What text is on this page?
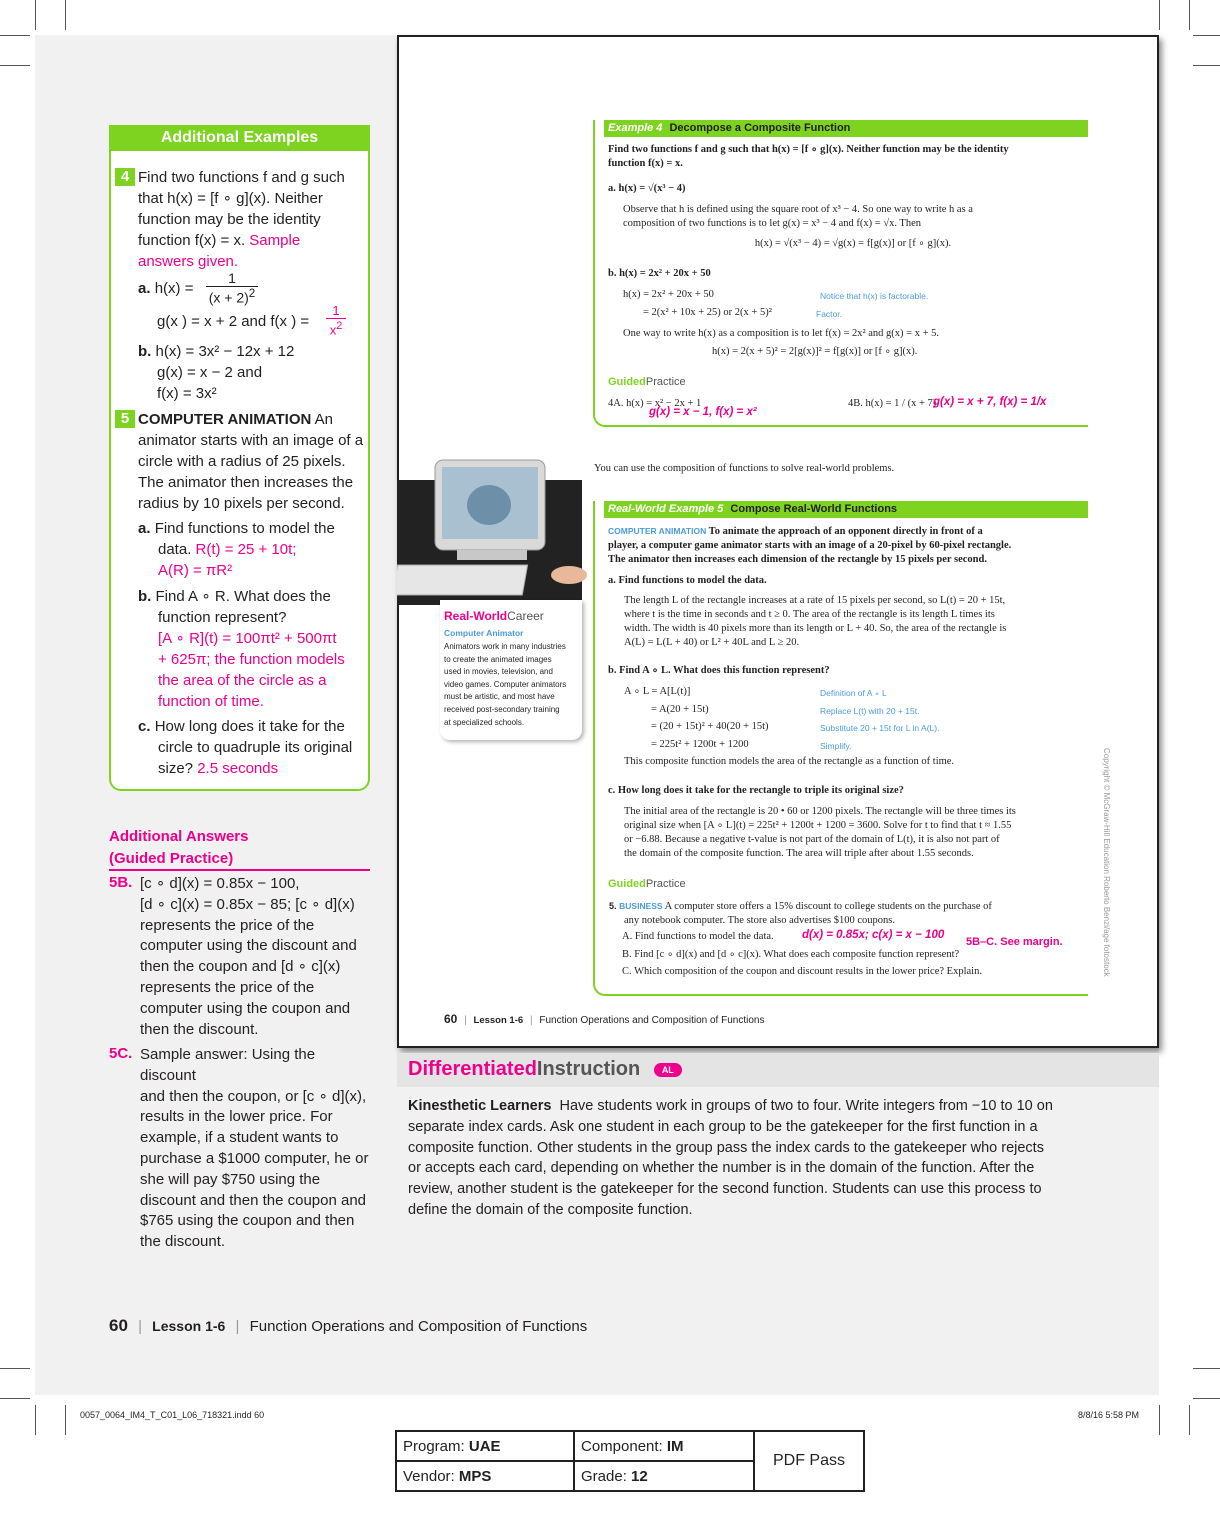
Additional Examples
4 Find two functions f and g such
that h(x) = [f ∘ g](x). Neither
function may be the identity
function f(x) = x. Sample
answers given.
a. h(x) =
1
$(x + 2)^2$
g(x ) = x + 2 and f(x ) =
1
$x^2$
b. h(x) = 3x² − 12x + 12
g(x) = x − 2 and
f(x) = 3x²
5 COMPUTER ANIMATION An
animator starts with an image of a
circle with a radius of 25 pixels.
The animator then increases the
radius by 10 pixels per second.
a. Find functions to model the
data. R(t) = 25 + 10t;
A(R) = πR²
b. Find A ∘ R. What does the
function represent?
[A ∘ R](t) = 100πt² + 500πt
+ 625π; the function models
the area of the circle as a
function of time.
c. How long does it take for the
circle to quadruple its original
size? 2.5 seconds
Additional Answers
(Guided Practice)
5B. [c ∘ d](x) = 0.85x − 100,
[d ∘ c](x) = 0.85x − 85; [c ∘ d](x)
represents the price of the
computer using the discount and
then the coupon and [d ∘ c](x)
represents the price of the
computer using the coupon and
then the discount.
5C. Sample answer: Using the discount
and then the coupon, or [c ∘ d](x),
results in the lower price. For
example, if a student wants to
purchase a $1000 computer, he or
she will pay $750 using the
discount and then the coupon and
$765 using the coupon and then
the discount.
60 | Lesson 1-6 | Function Operations and Composition of Functions
Example 4 Decompose a Composite Function
Find two functions f and g such that h(x) = [f ∘ g](x). Neither function may be the identity
function f(x) = x.
a. h(x) = √(x³ − 4)
Observe that h is defined using the square root of x³ − 4. So one way to write h as a
composition of two functions is to let g(x) = x³ − 4 and f(x) = √x. Then
h(x) = √(x³ − 4) = √g(x) = f[g(x)] or [f ∘ g](x).
b. h(x) = 2x² + 20x + 50
h(x) = 2x² + 20x + 50	Notice that h(x) is factorable.
= 2(x² + 10x + 25) or 2(x + 5)²	Factor.
One way to write h(x) as a composition is to let f(x) = 2x² and g(x) = x + 5.
h(x) = 2(x + 5)² = 2[g(x)]² = f[g(x)] or [f ∘ g](x).
GuidedPractice
4A. h(x) = x² − 2x + 1
g(x) = x − 1, f(x) = x²
4B. h(x) = 1 / (x + 7)
g(x) = x + 7, f(x) = 1/x
You can use the composition of functions to solve real-world problems.
Real-WorldCareer
Computer Animator
Animators work in many industries
to create the animated images
used in movies, television, and
video games. Computer animators
must be artistic, and most have
received post-secondary training
at specialized schools.
Real-World Example 5 Compose Real-World Functions
COMPUTER ANIMATION To animate the approach of an opponent directly in front of a
player, a computer game animator starts with an image of a 20-pixel by 60-pixel rectangle.
The animator then increases each dimension of the rectangle by 15 pixels per second.
a. Find functions to model the data.
The length L of the rectangle increases at a rate of 15 pixels per second, so L(t) = 20 + 15t,
where t is the time in seconds and t ≥ 0. The area of the rectangle is its length L times its
width. The width is 40 pixels more than its length or L + 40. So, the area of the rectangle is
A(L) = L(L + 40) or L² + 40L and L ≥ 20.
b. Find A ∘ L. What does this function represent?
A ∘ L = A[L(t)]	Definition of A ∘ L
= A(20 + 15t)	Replace L(t) with 20 + 15t.
= (20 + 15t)² + 40(20 + 15t)	Substitute 20 + 15t for L in A(L).
= 225t² + 1200t + 1200	Simplify.
This composite function models the area of the rectangle as a function of time.
c. How long does it take for the rectangle to triple its original size?
The initial area of the rectangle is 20 • 60 or 1200 pixels. The rectangle will be three times its
original size when [A ∘ L](t) = 225t² + 1200t + 1200 = 3600. Solve for t to find that t ≈ 1.55
or −6.88. Because a negative t-value is not part of the domain of L(t), it is also not part of
the domain of the composite function. The area will triple after about 1.55 seconds.
GuidedPractice
5. BUSINESS A computer store offers a 15% discount to college students on the purchase of
any notebook computer. The store also advertises $100 coupons.
A. Find functions to model the data. d(x) = 0.85x; c(x) = x − 100
5B–C. See margin.
B. Find [c ∘ d](x) and [d ∘ c](x). What does each composite function represent?
C. Which composition of the coupon and discount results in the lower price? Explain.	Copyright © McGraw-Hill Education Roberto Benzi/age fotostock
60 | Lesson 1-6 | Function Operations and Composition of Functions
DifferentiatedInstruction AL
Kinesthetic Learners Have students work in groups of two to four. Write integers from −10 to 10 on separate index cards. Ask one student in each group to be the gatekeeper for the first function in a composite function. Other students in the group pass the index cards to the gatekeeper who rejects or accepts each card, depending on whether the number is in the domain of the function. After the review, another student is the gatekeeper for the second function. Students can use this process to define the domain of the composite function.
0057_0064_IM4_T_C01_L06_718321.indd 60	8/8/16 5:58 PM
Program: UAE	Component: IM	PDF Pass
Vendor: MPS	Grade: 12	
